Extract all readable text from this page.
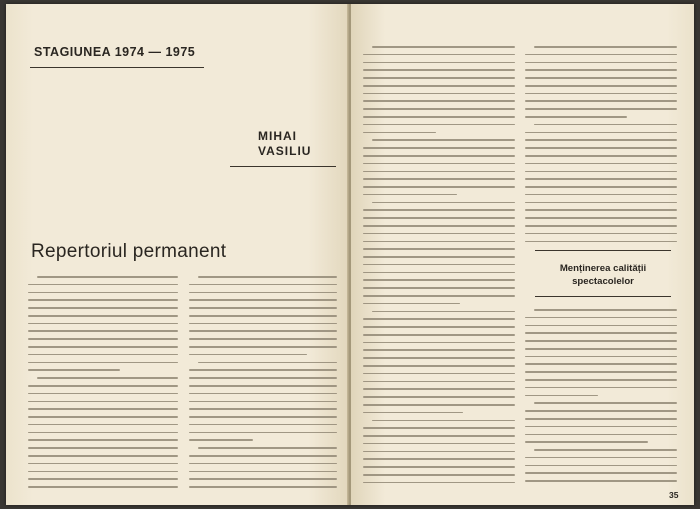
STAGIUNEA 1974 — 1975
MIHAI
VASILIU
Repertoriul permanent
Menținerea calității
spectacolelor
35
